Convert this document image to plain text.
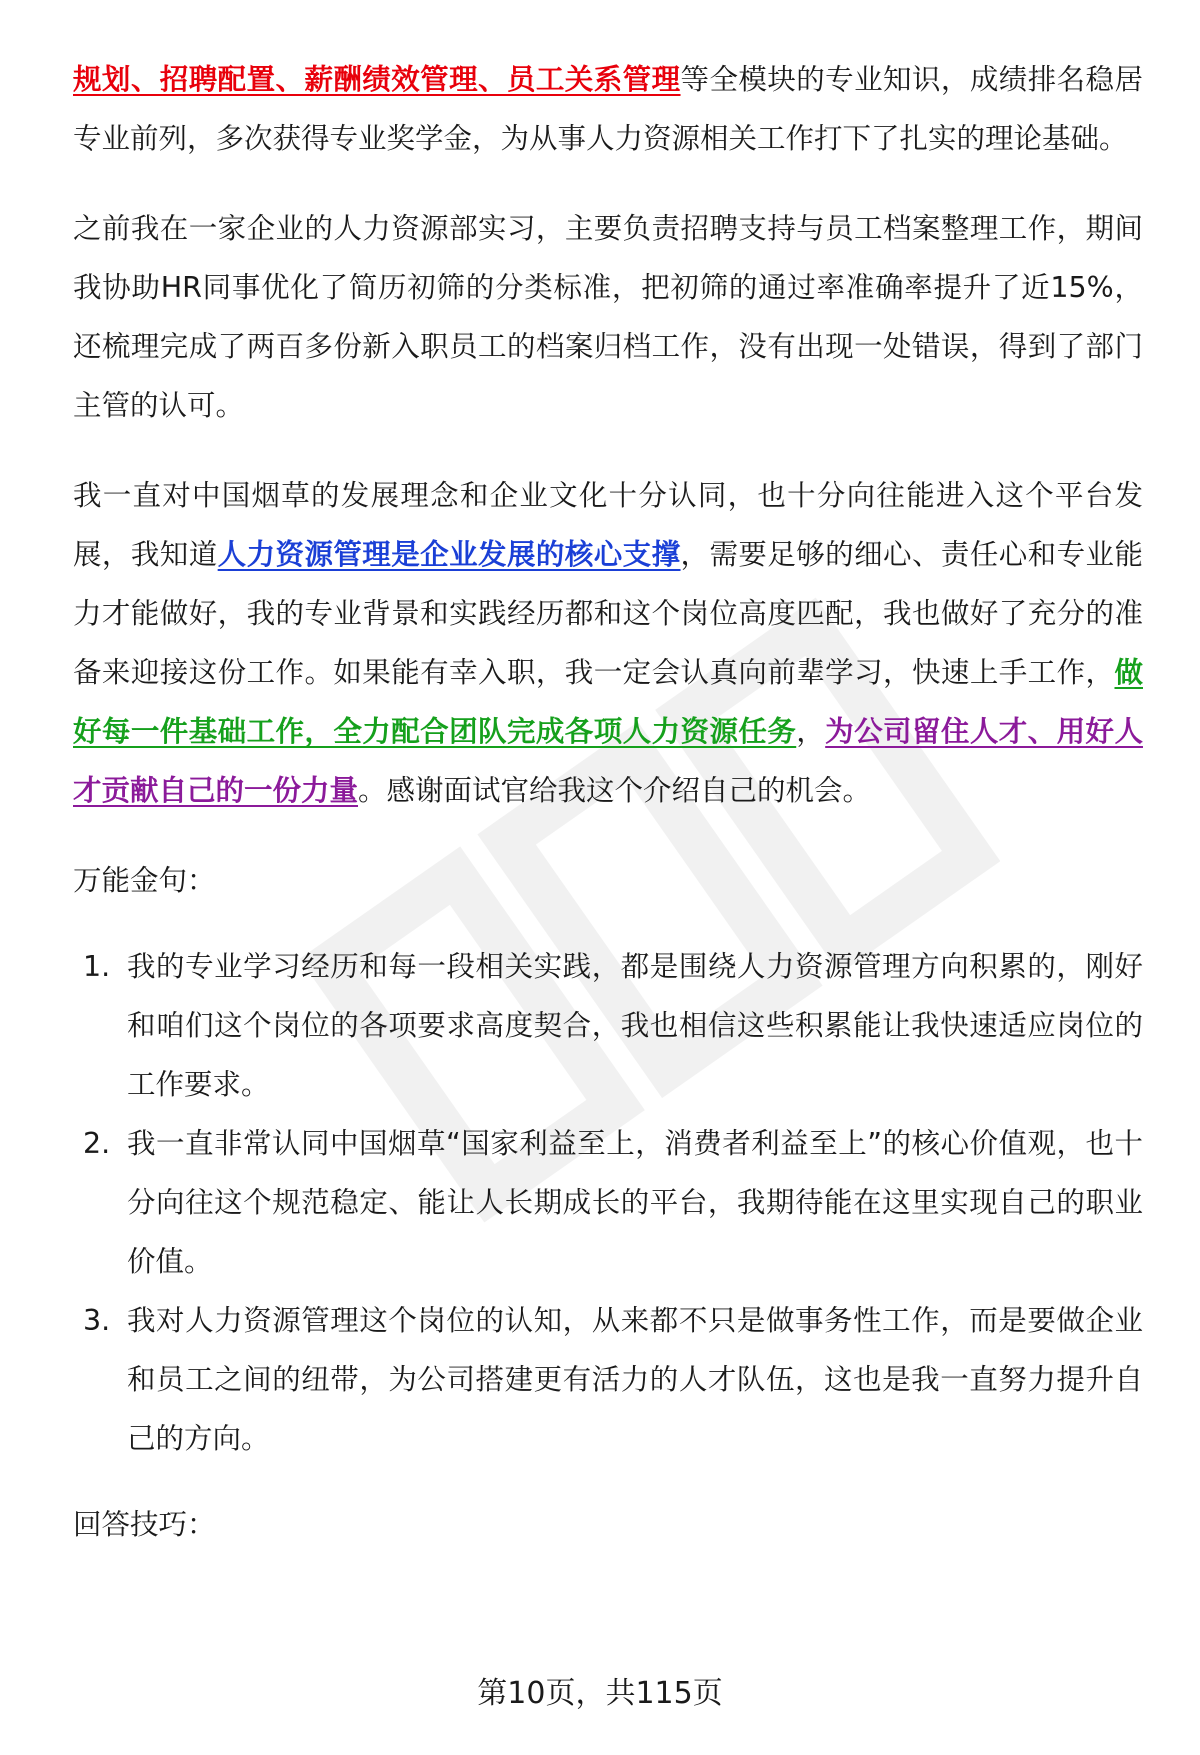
规划、招聘配置、薪酬绩效管理、员工关系管理等全模块的专业知识，成绩排名稳居专业前列，多次获得专业奖学金，为从事人力资源相关工作打下了扎实的理论基础。

之前我在一家企业的人力资源部实习，主要负责招聘支持与员工档案整理工作，期间我协助HR同事优化了简历初筛的分类标准，把初筛的通过率准确率提升了近15%，还梳理完成了两百多份新入职员工的档案归档工作，没有出现一处错误，得到了部门主管的认可。

我一直对中国烟草的发展理念和企业文化十分认同，也十分向往能进入这个平台发展，我知道人力资源管理是企业发展的核心支撑，需要足够的细心、责任心和专业能力才能做好，我的专业背景和实践经历都和这个岗位高度匹配，我也做好了充分的准备来迎接这份工作。如果能有幸入职，我一定会认真向前辈学习，快速上手工作，做好每一件基础工作，全力配合团队完成各项人力资源任务，为公司留住人才、用好人才贡献自己的一份力量。感谢面试官给我这个介绍自己的机会。

万能金句：

1. 我的专业学习经历和每一段相关实践，都是围绕人力资源管理方向积累的，刚好和咱们这个岗位的各项要求高度契合，我也相信这些积累能让我快速适应岗位的工作要求。
2. 我一直非常认同中国烟草“国家利益至上，消费者利益至上”的核心价值观，也十分向往这个规范稳定、能让人长期成长的平台，我期待能在这里实现自己的职业价值。
3. 我对人力资源管理这个岗位的认知，从来都不只是做事务性工作，而是要做企业和员工之间的纽带，为公司搭建更有活力的人才队伍，这也是我一直努力提升自己的方向。

回答技巧：

第10页，共115页
